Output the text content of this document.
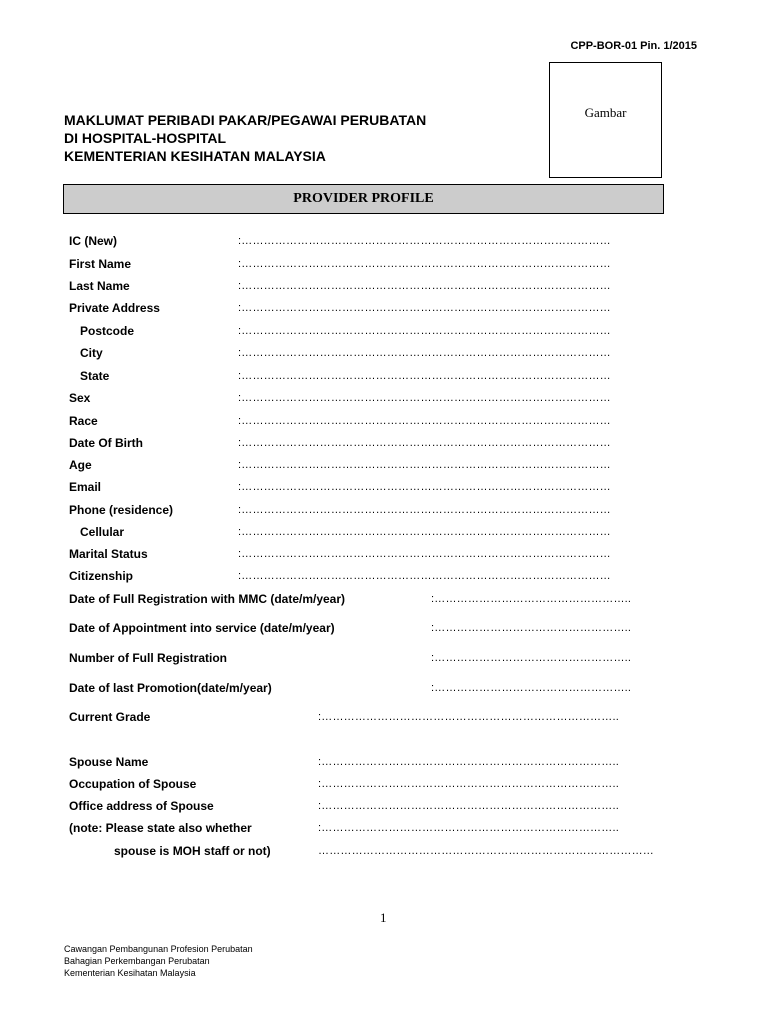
CPP-BOR-01 Pin. 1/2015
Gambar
MAKLUMAT PERIBADI PAKAR/PEGAWAI PERUBATAN
DI HOSPITAL-HOSPITAL
KEMENTERIAN KESIHATAN MALAYSIA
PROVIDER PROFILE
IC (New)	:………………………………………………………………………………………
First Name	:………………………………………………………………………………………
Last Name	:………………………………………………………………………………………
Private Address	:………………………………………………………………………………………
Postcode	:………………………………………………………………………………………
City	:………………………………………………………………………………………
State	:………………………………………………………………………………………
Sex	:………………………………………………………………………………………
Race	:………………………………………………………………………………………
Date Of Birth	:………………………………………………………………………………………
Age	:………………………………………………………………………………………
Email	:………………………………………………………………………………………
Phone (residence)	:………………………………………………………………………………………
Cellular	:………………………………………………………………………………………
Marital Status	:………………………………………………………………………………………
Citizenship	:………………………………………………………………………………………
Date of Full Registration with MMC (date/m/year)	:……………………………………………..
Date of Appointment into service (date/m/year)	:……………………………………………..
Number of Full Registration	:……………………………………………..
Date of last Promotion(date/m/year)	:……………………………………………..
Current Grade	:……………………………………………………………………..
Spouse Name	:……………………………………………………………………..
Occupation of Spouse	:……………………………………………………………………..
Office address of Spouse	:……………………………………………………………………..
(note: Please state also whether	:……………………………………………………………………..
spouse is MOH staff or not)	………………………………………………………………………………
1
Cawangan Pembangunan Profesion Perubatan
Bahagian Perkembangan Perubatan
Kementerian Kesihatan Malaysia
